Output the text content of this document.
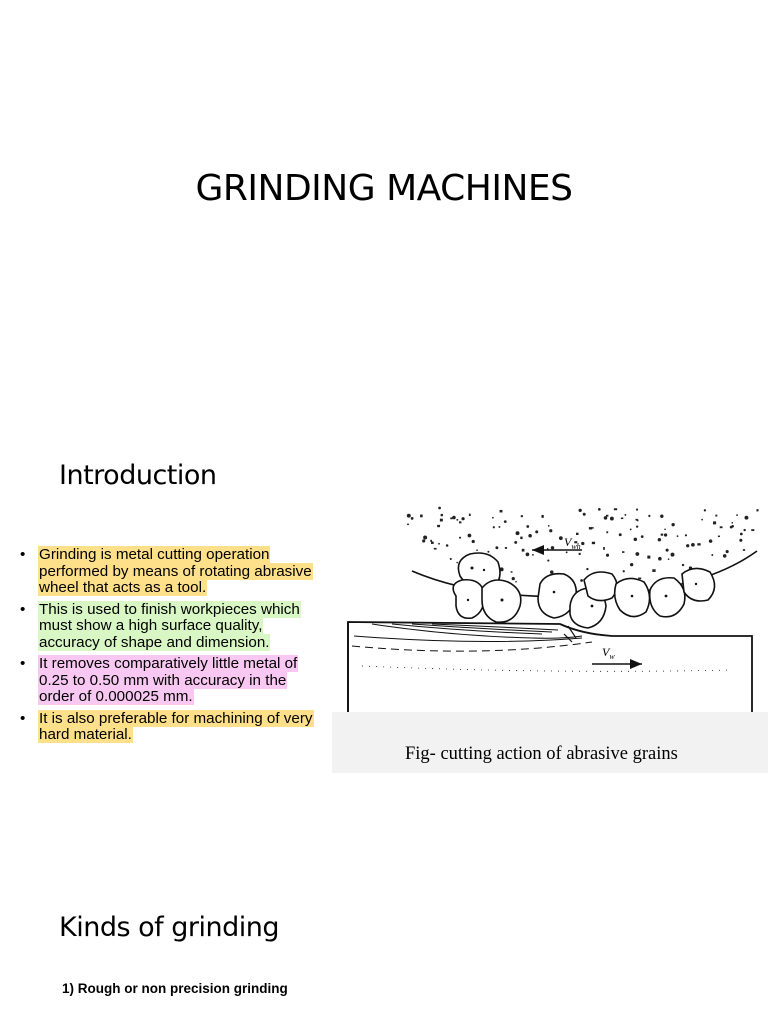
GRINDING MACHINES
Introduction
• Grinding is metal cutting operation performed by means of rotating abrasive wheel that acts as a tool.
• This is used to finish workpieces which must show a high surface quality, accuracy of shape and dimension.
• It removes comparatively little metal of 0.25 to 0.50 mm with accuracy in the order of 0.000025 mm.
• It is also preferable for machining of very hard material.
$V_{wh}$
$V_w$
Fig- cutting action of abrasive grains
Kinds of grinding
1) Rough or non precision grinding
